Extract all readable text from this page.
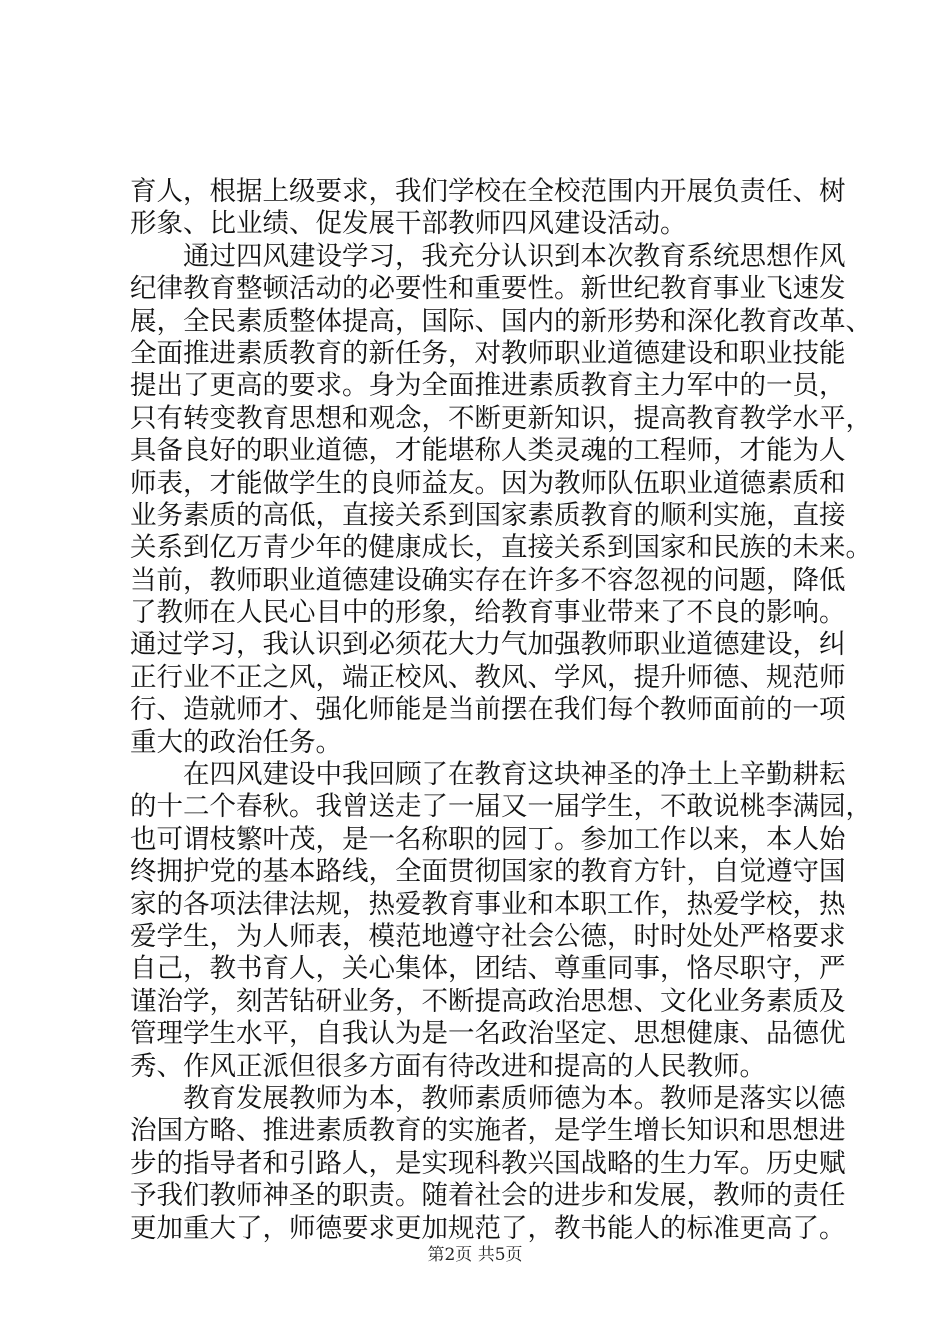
育人，根据上级要求，我们学校在全校范围内开展负责任、树
形象、比业绩、促发展干部教师四风建设活动。
通过四风建设学习，我充分认识到本次教育系统思想作风
纪律教育整顿活动的必要性和重要性。新世纪教育事业飞速发
展，全民素质整体提高，国际、国内的新形势和深化教育改革、
全面推进素质教育的新任务，对教师职业道德建设和职业技能
提出了更高的要求。身为全面推进素质教育主力军中的一员，
只有转变教育思想和观念，不断更新知识，提高教育教学水平，
具备良好的职业道德，才能堪称人类灵魂的工程师，才能为人
师表，才能做学生的良师益友。因为教师队伍职业道德素质和
业务素质的高低，直接关系到国家素质教育的顺利实施，直接
关系到亿万青少年的健康成长，直接关系到国家和民族的未来。
当前，教师职业道德建设确实存在许多不容忽视的问题，降低
了教师在人民心目中的形象，给教育事业带来了不良的影响。
通过学习，我认识到必须花大力气加强教师职业道德建设，纠
正行业不正之风，端正校风、教风、学风，提升师德、规范师
行、造就师才、强化师能是当前摆在我们每个教师面前的一项
重大的政治任务。
在四风建设中我回顾了在教育这块神圣的净土上辛勤耕耘
的十二个春秋。我曾送走了一届又一届学生，不敢说桃李满园，
也可谓枝繁叶茂，是一名称职的园丁。参加工作以来，本人始
终拥护党的基本路线，全面贯彻国家的教育方针，自觉遵守国
家的各项法律法规，热爱教育事业和本职工作，热爱学校，热
爱学生，为人师表，模范地遵守社会公德，时时处处严格要求
自己，教书育人，关心集体，团结、尊重同事，恪尽职守，严
谨治学，刻苦钻研业务，不断提高政治思想、文化业务素质及
管理学生水平，自我认为是一名政治坚定、思想健康、品德优
秀、作风正派但很多方面有待改进和提高的人民教师。
教育发展教师为本，教师素质师德为本。教师是落实以德
治国方略、推进素质教育的实施者，是学生增长知识和思想进
步的指导者和引路人，是实现科教兴国战略的生力军。历史赋
予我们教师神圣的职责。随着社会的进步和发展，教师的责任
更加重大了，师德要求更加规范了，教书能人的标准更高了。
第2页 共5页
